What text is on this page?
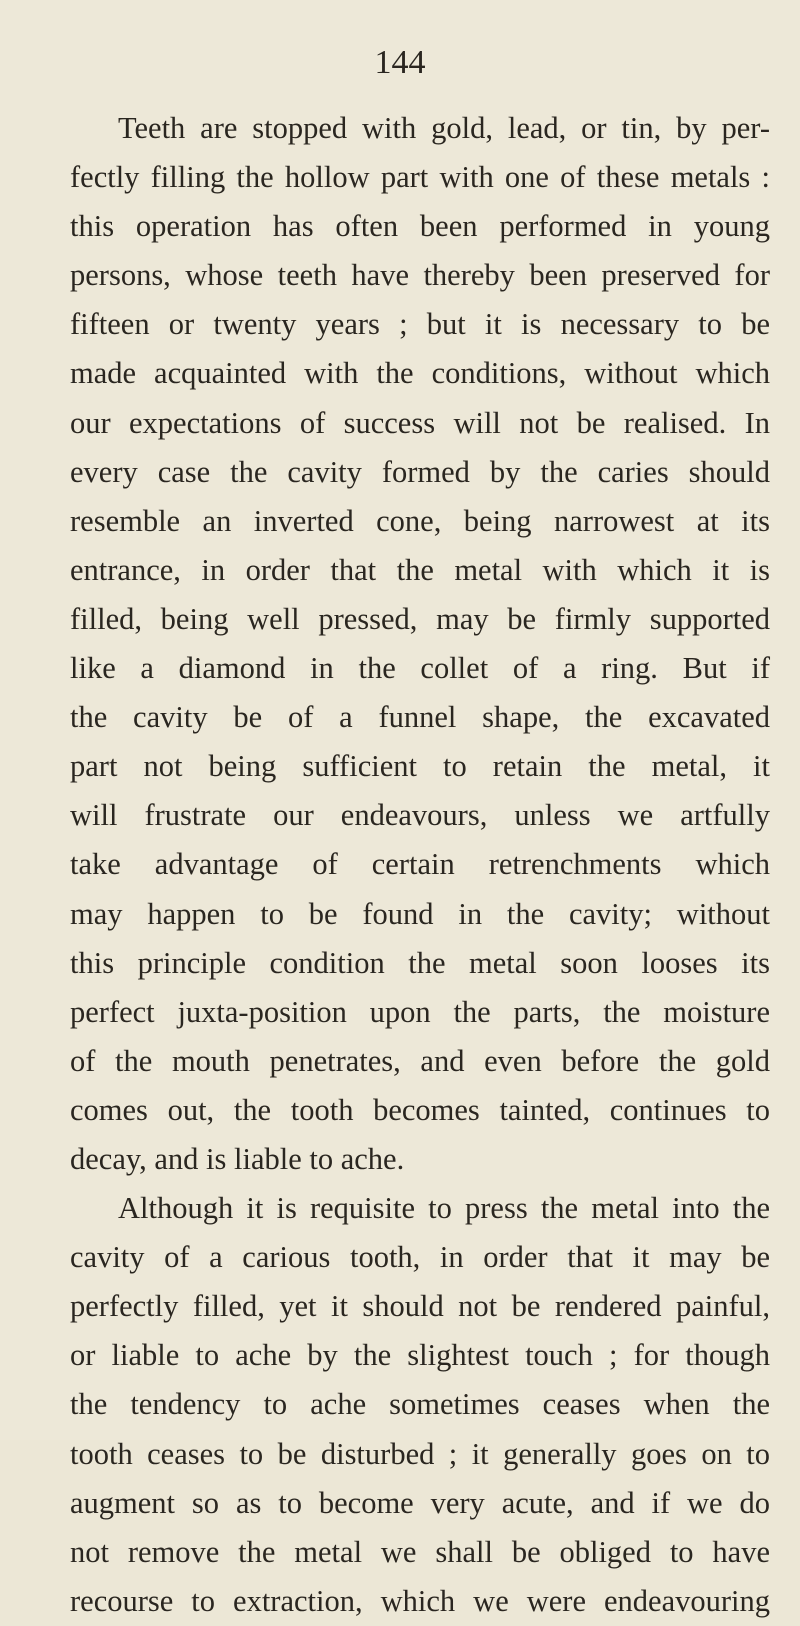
144
Teeth are stopped with gold, lead, or tin, by per-
fectly filling the hollow part with one of these metals :
this operation has often been performed in young
persons, whose teeth have thereby been preserved for
fifteen or twenty years ; but it is necessary to be
made acquainted with the conditions, without which
our expectations of success will not be realised. In
every case the cavity formed by the caries should
resemble an inverted cone, being narrowest at its
entrance, in order that the metal with which it is
filled, being well pressed, may be firmly supported
like a diamond in the collet of a ring. But if
the cavity be of a funnel shape, the excavated
part not being sufficient to retain the metal, it
will frustrate our endeavours, unless we artfully
take advantage of certain retrenchments which
may happen to be found in the cavity; without
this principle condition the metal soon looses its
perfect juxta-position upon the parts, the moisture
of the mouth penetrates, and even before the gold
comes out, the tooth becomes tainted, continues to
decay, and is liable to ache.
Although it is requisite to press the metal into the
cavity of a carious tooth, in order that it may be
perfectly filled, yet it should not be rendered painful,
or liable to ache by the slightest touch ; for though
the tendency to ache sometimes ceases when the
tooth ceases to be disturbed ; it generally goes on to
augment so as to become very acute, and if we do
not remove the metal we shall be obliged to have
recourse to extraction, which we were endeavouring
